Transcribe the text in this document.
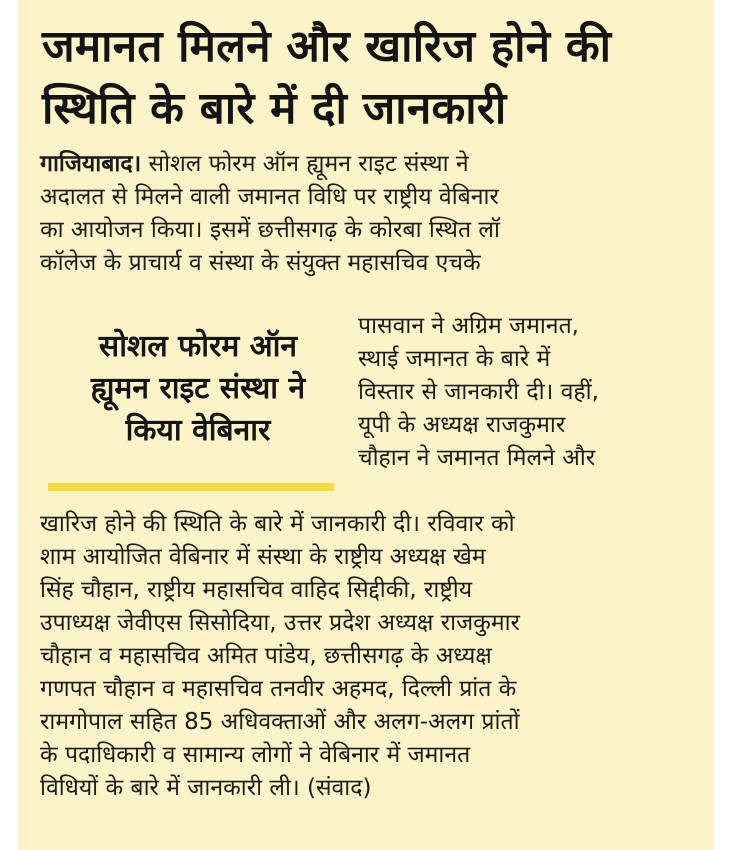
जमानत मिलने और खारिज होने की
स्थिति के बारे में दी जानकारी
गाजियाबाद। सोशल फोरम ऑन ह्यूमन राइट संस्था ने
अदालत से मिलने वाली जमानत विधि पर राष्ट्रीय वेबिनार
का आयोजन किया। इसमें छत्तीसगढ़ के कोरबा स्थित लॉ
कॉलेज के प्राचार्य व संस्था के संयुक्त महासचिव एचके
सोशल फोरम ऑन
ह्यूमन राइट संस्था ने
किया वेबिनार
पासवान ने अग्रिम जमानत,
स्थाई जमानत के बारे में
विस्तार से जानकारी दी। वहीं,
यूपी के अध्यक्ष राजकुमार
चौहान ने जमानत मिलने और
खारिज होने की स्थिति के बारे में जानकारी दी। रविवार को
शाम आयोजित वेबिनार में संस्था के राष्ट्रीय अध्यक्ष खेम
सिंह चौहान, राष्ट्रीय महासचिव वाहिद सिद्दीकी, राष्ट्रीय
उपाध्यक्ष जेवीएस सिसोदिया, उत्तर प्रदेश अध्यक्ष राजकुमार
चौहान व महासचिव अमित पांडेय, छत्तीसगढ़ के अध्यक्ष
गणपत चौहान व महासचिव तनवीर अहमद, दिल्ली प्रांत के
रामगोपाल सहित 85 अधिवक्ताओं और अलग-अलग प्रांतों
के पदाधिकारी व सामान्य लोगों ने वेबिनार में जमानत
विधियों के बारे में जानकारी ली। (संवाद)
